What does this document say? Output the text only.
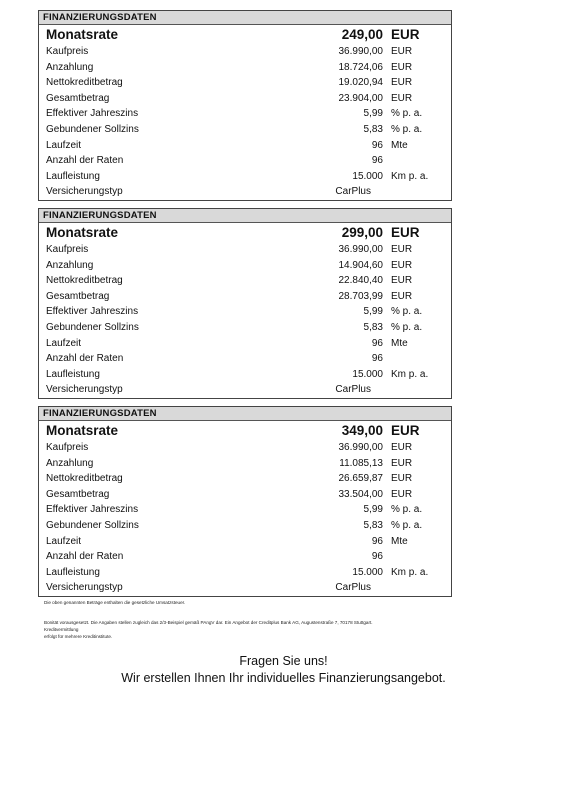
FINANZIERUNGSDATEN
Monatsrate	249,00 EUR
Kaufpreis	36.990,00 EUR
Anzahlung	18.724,06 EUR
Nettokreditbetrag	19.020,94 EUR
Gesamtbetrag	23.904,00 EUR
Effektiver Jahreszins	5,99 % p. a.
Gebundener Sollzins	5,83 % p. a.
Laufzeit	96 Mte
Anzahl der Raten	96
Laufleistung	15.000 Km p. a.
Versicherungstyp	CarPlus
FINANZIERUNGSDATEN
Monatsrate	299,00 EUR
Kaufpreis	36.990,00 EUR
Anzahlung	14.904,60 EUR
Nettokreditbetrag	22.840,40 EUR
Gesamtbetrag	28.703,99 EUR
Effektiver Jahreszins	5,99 % p. a.
Gebundener Sollzins	5,83 % p. a.
Laufzeit	96 Mte
Anzahl der Raten	96
Laufleistung	15.000 Km p. a.
Versicherungstyp	CarPlus
FINANZIERUNGSDATEN
Monatsrate	349,00 EUR
Kaufpreis	36.990,00 EUR
Anzahlung	11.085,13 EUR
Nettokreditbetrag	26.659,87 EUR
Gesamtbetrag	33.504,00 EUR
Effektiver Jahreszins	5,99 % p. a.
Gebundener Sollzins	5,83 % p. a.
Laufzeit	96 Mte
Anzahl der Raten	96
Laufleistung	15.000 Km p. a.
Versicherungstyp	CarPlus
Die oben genannten Beträge enthalten die gesetzliche Umsatzsteuer.
Bonität vorausgesetzt. Die Angaben stellen zugleich das 2/3-Beispiel gemäß PAngV dar. Ein Angebot der Creditplus Bank AG, Augustenstraße 7, 70178 Stuttgart.
Kreditvermittlung
erfolgt für mehrere Kreditinstitute.
Fragen Sie uns!
Wir erstellen Ihnen Ihr individuelles Finanzierungsangebot.
